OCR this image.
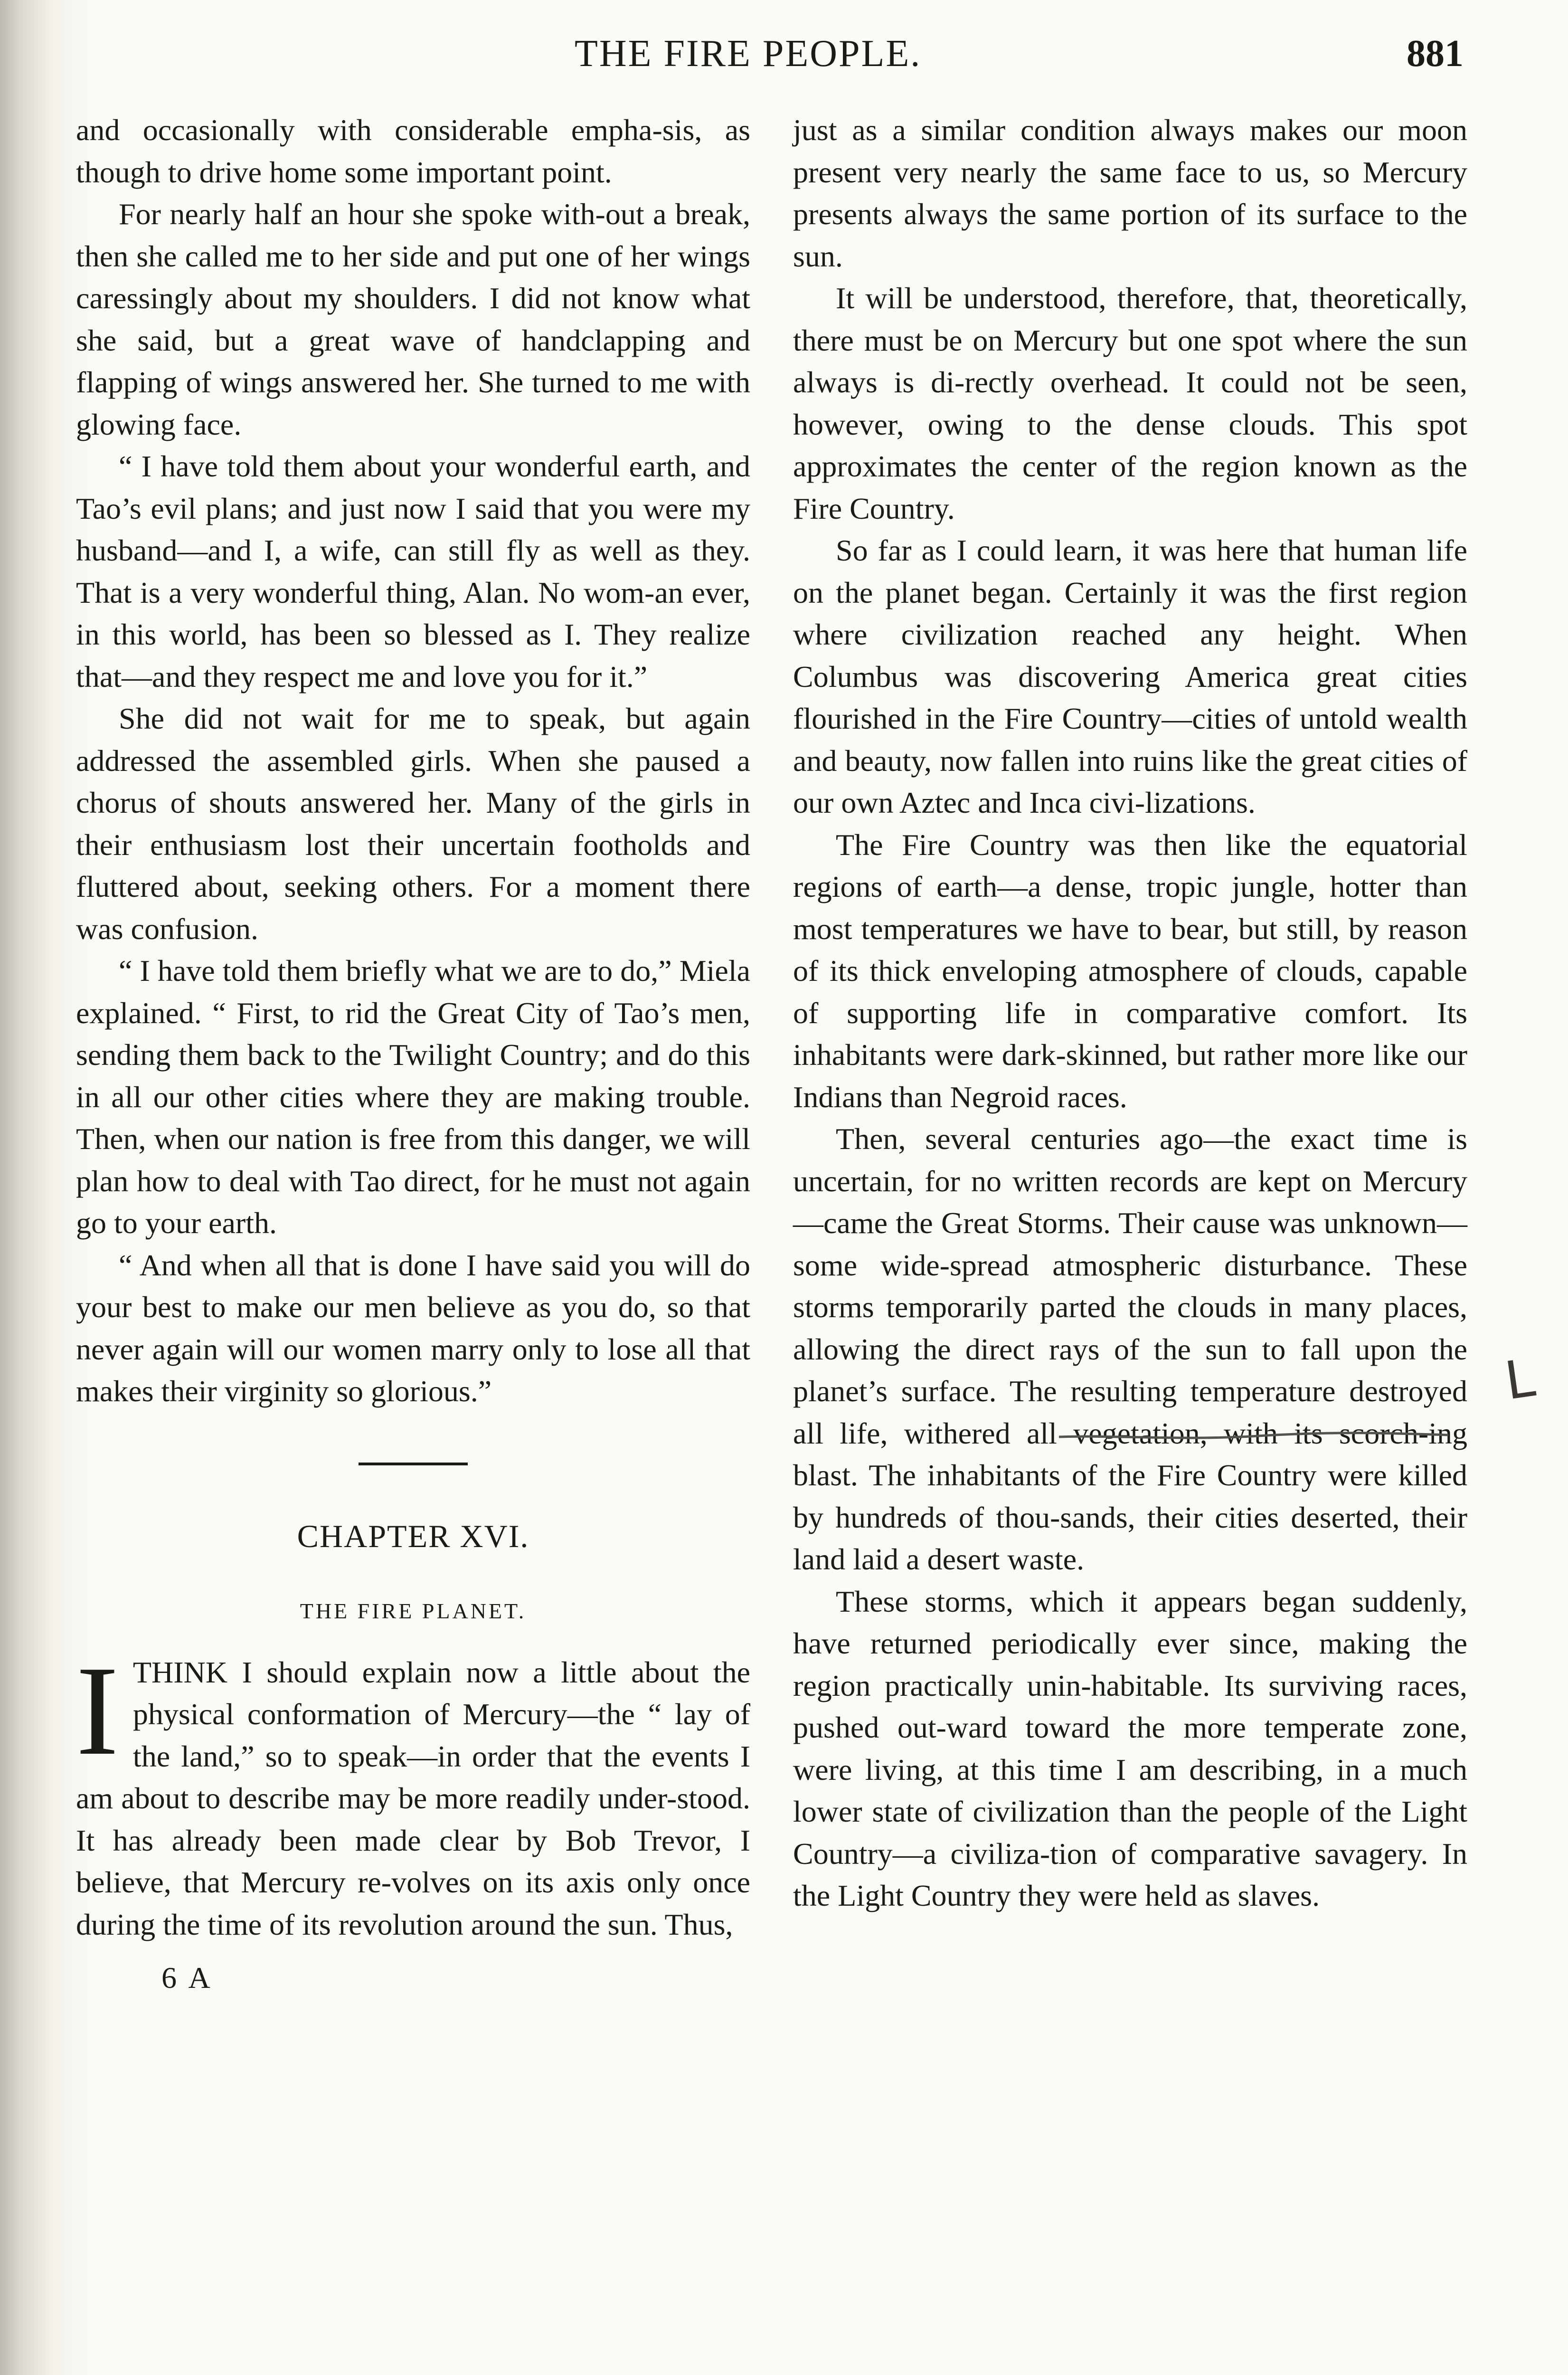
THE FIRE PEOPLE.	881

and occasionally with considerable empha-sis, as though to drive home some important point.

For nearly half an hour she spoke with-out a break, then she called me to her side and put one of her wings caressingly about my shoulders. I did not know what she said, but a great wave of handclapping and flapping of wings answered her. She turned to me with glowing face.

“ I have told them about your wonderful earth, and Tao’s evil plans; and just now I said that you were my husband—and I, a wife, can still fly as well as they. That is a very wonderful thing, Alan. No wom-an ever, in this world, has been so blessed as I. They realize that—and they respect me and love you for it.”

She did not wait for me to speak, but again addressed the assembled girls. When she paused a chorus of shouts answered her. Many of the girls in their enthusiasm lost their uncertain footholds and fluttered about, seeking others. For a moment there was confusion.

“ I have told them briefly what we are to do,” Miela explained. “ First, to rid the Great City of Tao’s men, sending them back to the Twilight Country; and do this in all our other cities where they are making trouble. Then, when our nation is free from this danger, we will plan how to deal with Tao direct, for he must not again go to your earth.

“ And when all that is done I have said you will do your best to make our men believe as you do, so that never again will our women marry only to lose all that makes their virginity so glorious.”

CHAPTER XVI.
THE FIRE PLANET.

ITHINK I should explain now a little about the physical conformation of Mercury—the “ lay of the land,” so to speak—in order that the events I am about to describe may be more readily under-stood. It has already been made clear by Bob Trevor, I believe, that Mercury re-volves on its axis only once during the time of its revolution around the sun. Thus,

6 A

just as a similar condition always makes our moon present very nearly the same face to us, so Mercury presents always the same portion of its surface to the sun.

It will be understood, therefore, that, theoretically, there must be on Mercury but one spot where the sun always is di-rectly overhead. It could not be seen, however, owing to the dense clouds. This spot approximates the center of the region known as the Fire Country.

So far as I could learn, it was here that human life on the planet began. Certainly it was the first region where civilization reached any height. When Columbus was discovering America great cities flourished in the Fire Country—cities of untold wealth and beauty, now fallen into ruins like the great cities of our own Aztec and Inca civi-lizations.

The Fire Country was then like the equatorial regions of earth—a dense, tropic jungle, hotter than most temperatures we have to bear, but still, by reason of its thick enveloping atmosphere of clouds, capable of supporting life in comparative comfort. Its inhabitants were dark-skinned, but rather more like our Indians than Negroid races.

Then, several centuries ago—the exact time is uncertain, for no written records are kept on Mercury—came the Great Storms. Their cause was unknown—some wide-spread atmospheric disturbance. These storms temporarily parted the clouds in many places, allowing the direct rays of the sun to fall upon the planet’s surface. The resulting temperature destroyed all life, withered all vegetation, with its scorch-ing blast. The inhabitants of the Fire Country were killed by hundreds of thou-sands, their cities deserted, their land laid a desert waste.

These storms, which it appears began suddenly, have returned periodically ever since, making the region practically unin-habitable. Its surviving races, pushed out-ward toward the more temperate zone, were living, at this time I am describing, in a much lower state of civilization than the people of the Light Country—a civiliza-tion of comparative savagery. In the Light Country they were held as slaves.

L
